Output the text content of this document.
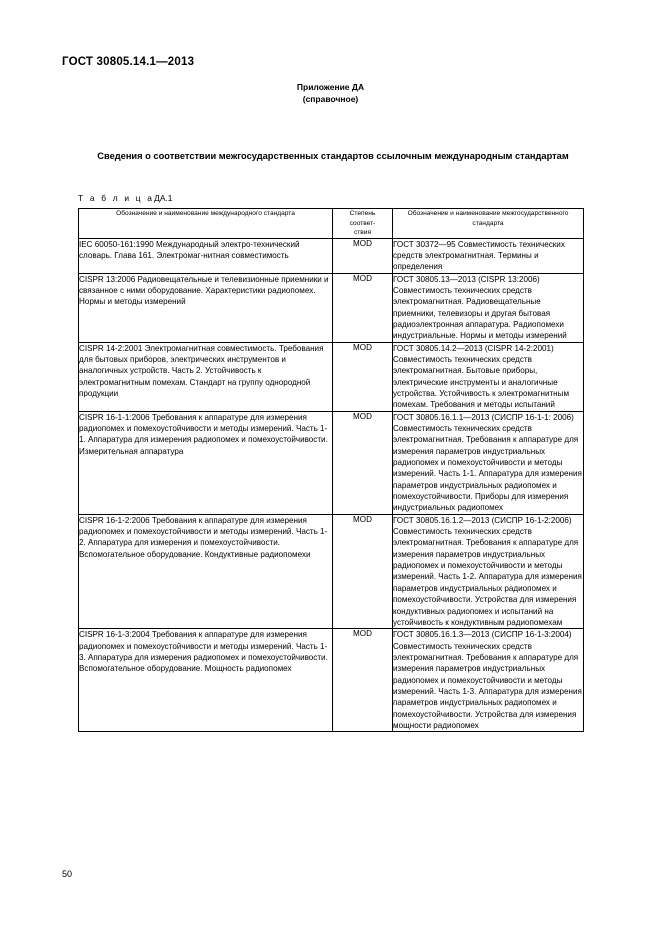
ГОСТ 30805.14.1—2013
Приложение ДА
(справочное)
Сведения о соответствии межгосударственных стандартов ссылочным международным стандартам
Т а б л и ц аДА.1
Обозначение и наименование международного стандарта	Степень
соответ-
ствия	Обозначение и наименование межгосударственного стандарта
IEC 60050-161:1990 Международный электро-технический словарь. Глава 161. Электромаг-нитная совместимость	MOD	ГОСТ 30372—95 Совместимость технических средств электромагнитная. Термины и определения
CISPR 13:2006 Радиовещательные и телевизионные приемники и связанное с ними оборудование. Характеристики радиопомех. Нормы и методы измерений	MOD	ГОСТ 30805.13—2013 (CISPR 13:2006) Совместимость технических средств электромагнитная. Радиовещательные приемники, телевизоры и другая бытовая радиоэлектронная аппаратура. Радиопомехи индустриальные. Нормы и методы измерений
CISPR 14-2:2001 Электромагнитная совместимость. Требования для бытовых приборов, электрических инструментов и аналогичных устройств. Часть 2. Устойчивость к электромагнитным помехам. Стандарт на группу однородной продукции	MOD	ГОСТ 30805.14.2—2013 (CISPR 14-2:2001) Совместимость технических средств электромагнитная. Бытовые приборы, электрические инструменты и аналогичные устройства. Устойчивость к электромагнитным помехам. Требования и методы испытаний
CISPR 16-1-1:2006 Требования к аппаратуре для измерения радиопомех и помехоустойчивости и методы измерений. Часть 1-1. Аппаратура для измерения радиопомех и помехоустойчивости. Измерительная аппаратура	MOD	ГОСТ 30805.16.1.1—2013 (СИСПР 16-1-1: 2006) Совместимость технических средств электромагнитная. Требования к аппаратуре для измерения параметров индустриальных радиопомех и помехоустойчивости и методы измерений. Часть 1-1. Аппаратура для измерения параметров индустриальных радиопомех и помехоустойчивости. Приборы для измерения индустриальных радиопомех
CISPR 16-1-2:2006 Требования к аппаратуре для измерения радиопомех и помехоустойчивости и методы измерений. Часть 1-2. Аппаратура для измерения и помехоустойчивости. Вспомогательное оборудование. Кондуктивные радиопомехи	MOD	ГОСТ 30805.16.1.2—2013 (СИСПР 16-1-2:2006) Совместимость технических средств электромагнитная. Требования к аппаратуре для измерения параметров индустриальных радиопомех и помехоустойчивости и методы измерений. Часть 1-2. Аппаратура для измерения параметров индустриальных радиопомех и помехоустойчивости. Устройства для измерения кондуктивных радиопомех и испытаний на устойчивость к кондуктивным радиопомехам
CISPR 16-1-3:2004 Требования к аппаратуре для измерения радиопомех и помехоустойчивости и методы измерений. Часть 1-3. Аппаратура для измерения радиопомех и помехоустойчивости. Вспомогательное оборудование. Мощность радиопомех	MOD	ГОСТ 30805.16.1.3—2013 (СИСПР 16-1-3:2004) Совместимость технических средств электромагнитная. Требования к аппаратуре для измерения параметров индустриальных радиопомех и помехоустойчивости и методы измерений. Часть 1-3. Аппаратура для измерения параметров индустриальных радиопомех и помехоустойчивости. Устройства для измерения мощности радиопомех
50
